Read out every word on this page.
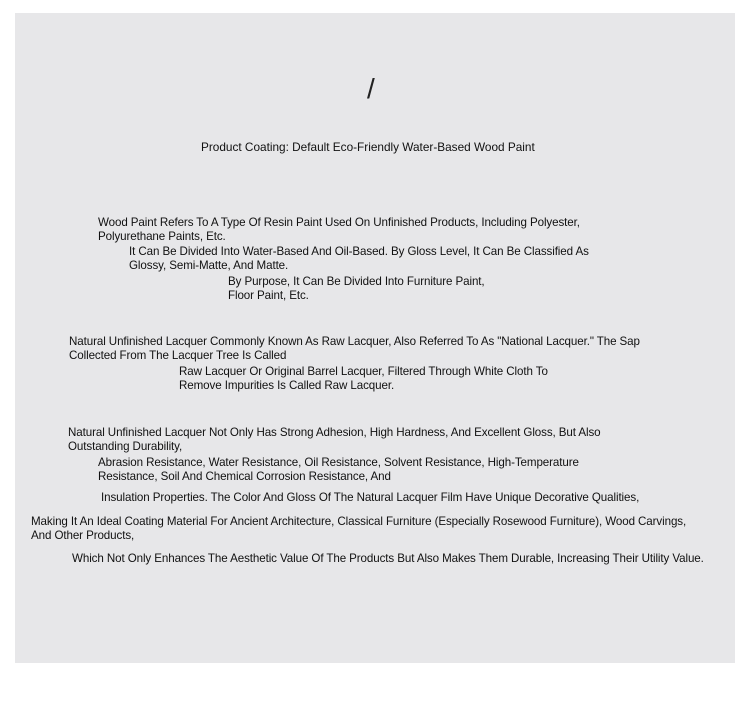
/
Product Coating: Default Eco-Friendly Water-Based Wood Paint
Wood Paint Refers To A Type Of Resin Paint Used On Unfinished Products, Including Polyester, Polyurethane Paints, Etc.
It Can Be Divided Into Water-Based And Oil-Based. By Gloss Level, It Can Be Classified As Glossy, Semi-Matte, And Matte.
By Purpose, It Can Be Divided Into Furniture Paint, Floor Paint, Etc.
Natural Unfinished Lacquer Commonly Known As Raw Lacquer, Also Referred To As "National Lacquer." The Sap Collected From The Lacquer Tree Is Called
Raw Lacquer Or Original Barrel Lacquer, Filtered Through White Cloth To Remove Impurities Is Called Raw Lacquer.
Natural Unfinished Lacquer Not Only Has Strong Adhesion, High Hardness, And Excellent Gloss, But Also Outstanding Durability,
Abrasion Resistance, Water Resistance, Oil Resistance, Solvent Resistance, High-Temperature Resistance, Soil And Chemical Corrosion Resistance, And
Insulation Properties. The Color And Gloss Of The Natural Lacquer Film Have Unique Decorative Qualities,
Making It An Ideal Coating Material For Ancient Architecture, Classical Furniture (Especially Rosewood Furniture), Wood Carvings, And Other Products,
Which Not Only Enhances The Aesthetic Value Of The Products But Also Makes Them Durable, Increasing Their Utility Value.
